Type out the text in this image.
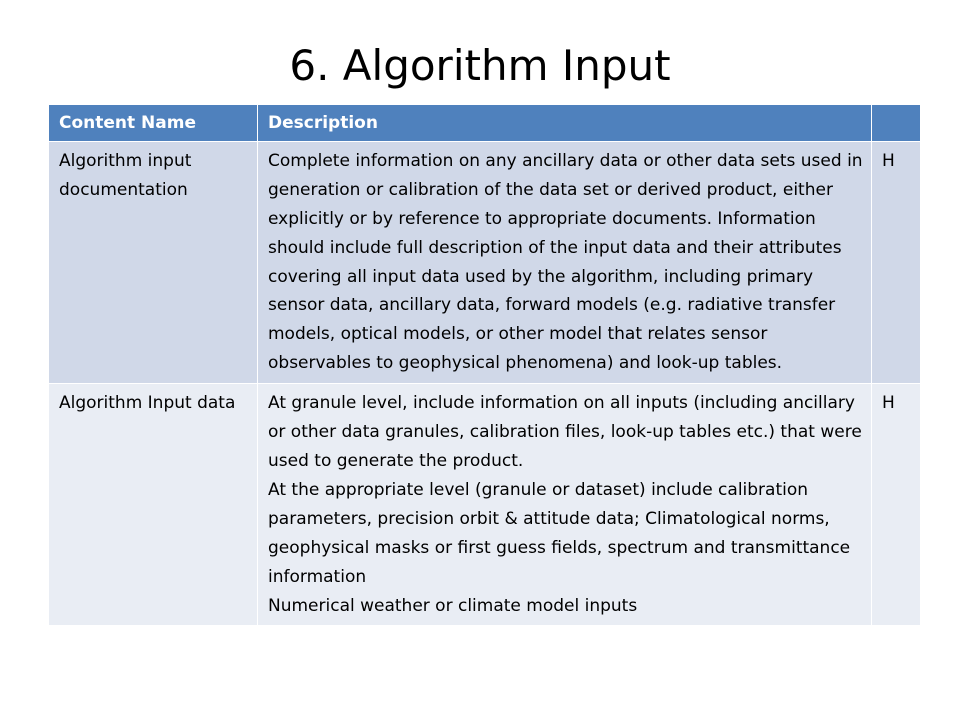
6. Algorithm Input
Content Name	Description	
Algorithm input documentation	Complete information on any ancillary data or other data sets used in generation or calibration of the data set or derived product, either explicitly or by reference to appropriate documents. Information should include full description of the input data and their attributes covering all input data used by the algorithm, including primary sensor data, ancillary data, forward models (e.g. radiative transfer models, optical models, or other model that relates sensor observables to geophysical phenomena) and look-up tables.	H
Algorithm Input data	At granule level, include information on all inputs (including ancillary or other data granules, calibration files, look-up tables etc.) that were used to generate the product.
At the appropriate level (granule or dataset) include calibration parameters, precision orbit & attitude data; Climatological norms, geophysical masks or first guess fields, spectrum and transmittance information
Numerical weather or climate model inputs	H
